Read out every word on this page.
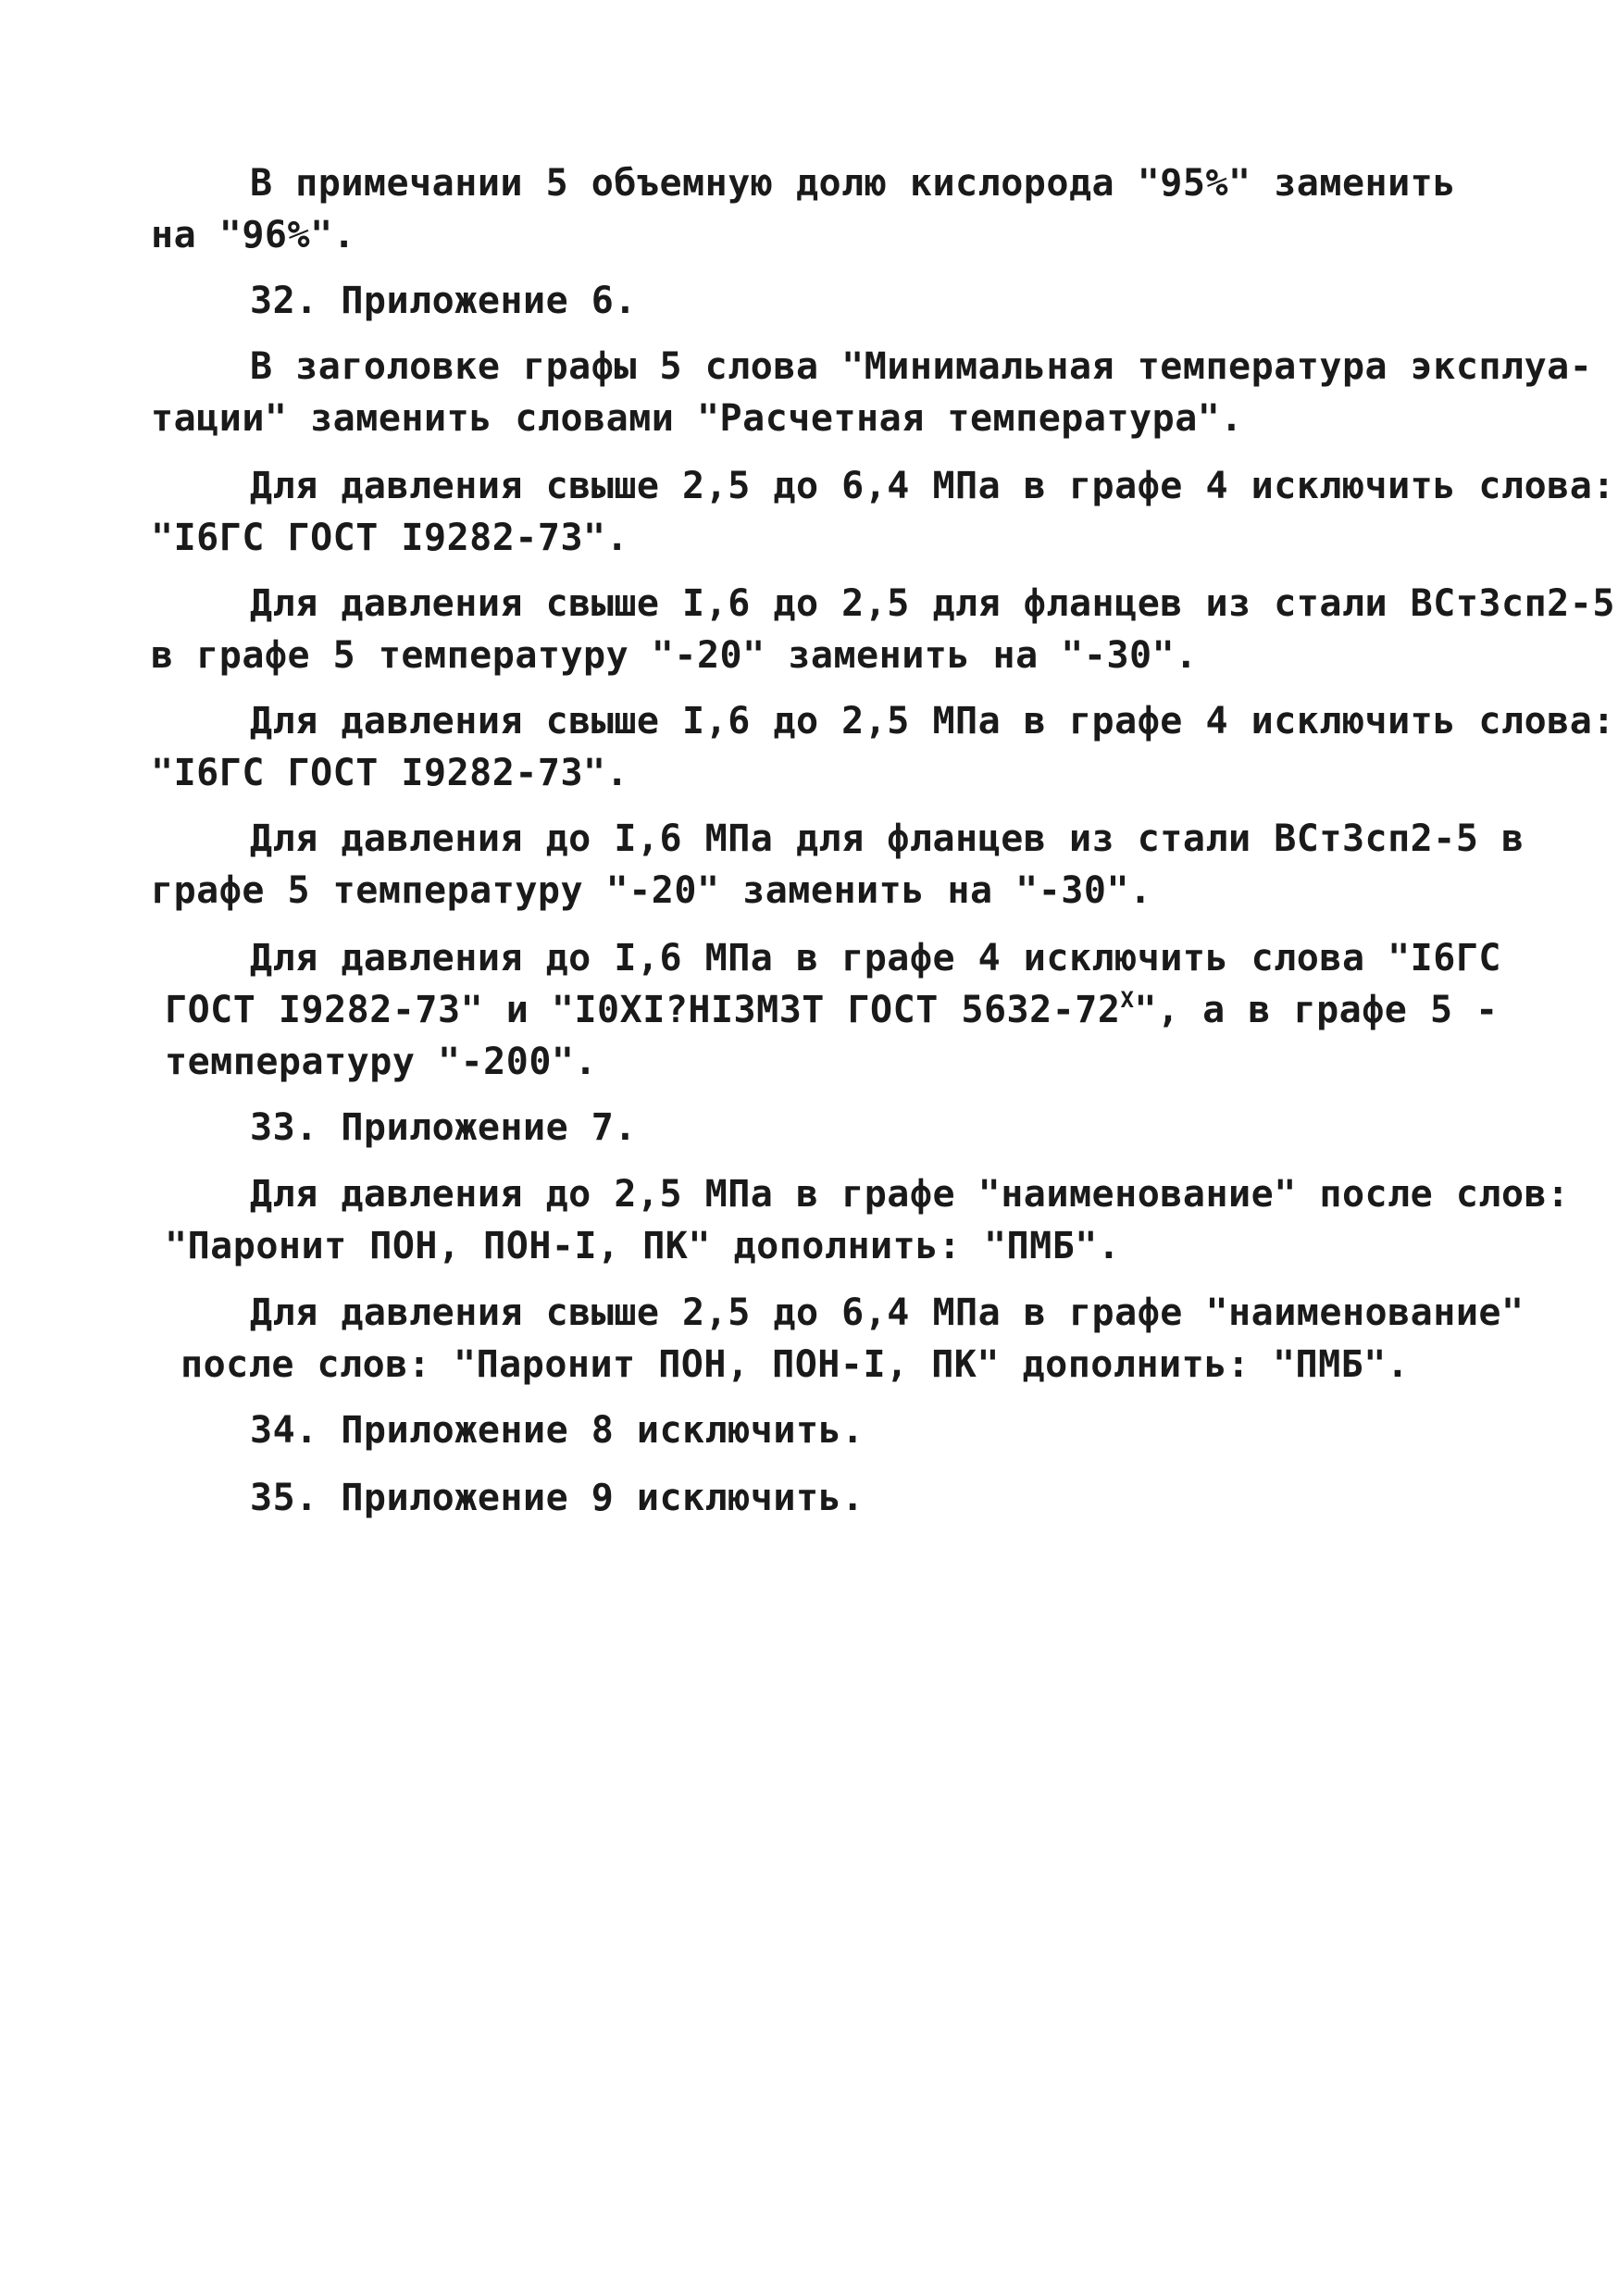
В примечании 5 объемную долю кислорода "95%" заменить
на "96%".
32. Приложение 6.
В заголовке графы 5 слова "Минимальная температура эксплуа-
тации" заменить словами "Расчетная температура".
Для давления свыше 2,5 до 6,4 МПа в графе 4 исключить слова:
"I6ГС ГОСТ I9282-73".
Для давления свыше I,6 до 2,5 для фланцев из стали ВСт3сп2-5
в графе 5 температуру "-20" заменить на "-30".
Для давления свыше I,6 до 2,5 МПа в графе 4 исключить слова:
"I6ГС ГОСТ I9282-73".
Для давления до I,6 МПа для фланцев из стали ВСт3сп2-5 в
графе 5 температуру "-20" заменить на "-30".
Для давления до I,6 МПа в графе 4 исключить слова "I6ГС
ГОСТ I9282-73" и "I0XI?HI3M3T ГОСТ $5632-72^X$", а в графе 5 -
температуру "-200".
33. Приложение 7.
Для давления до 2,5 МПа в графе "наименование" после слов:
"Паронит ПОН, ПОН-I, ПК" дополнить: "ПМБ".
Для давления свыше 2,5 до 6,4 МПа в графе "наименование"
после слов: "Паронит ПОН, ПОН-I, ПК" дополнить: "ПМБ".
34. Приложение 8 исключить.
35. Приложение 9 исключить.
